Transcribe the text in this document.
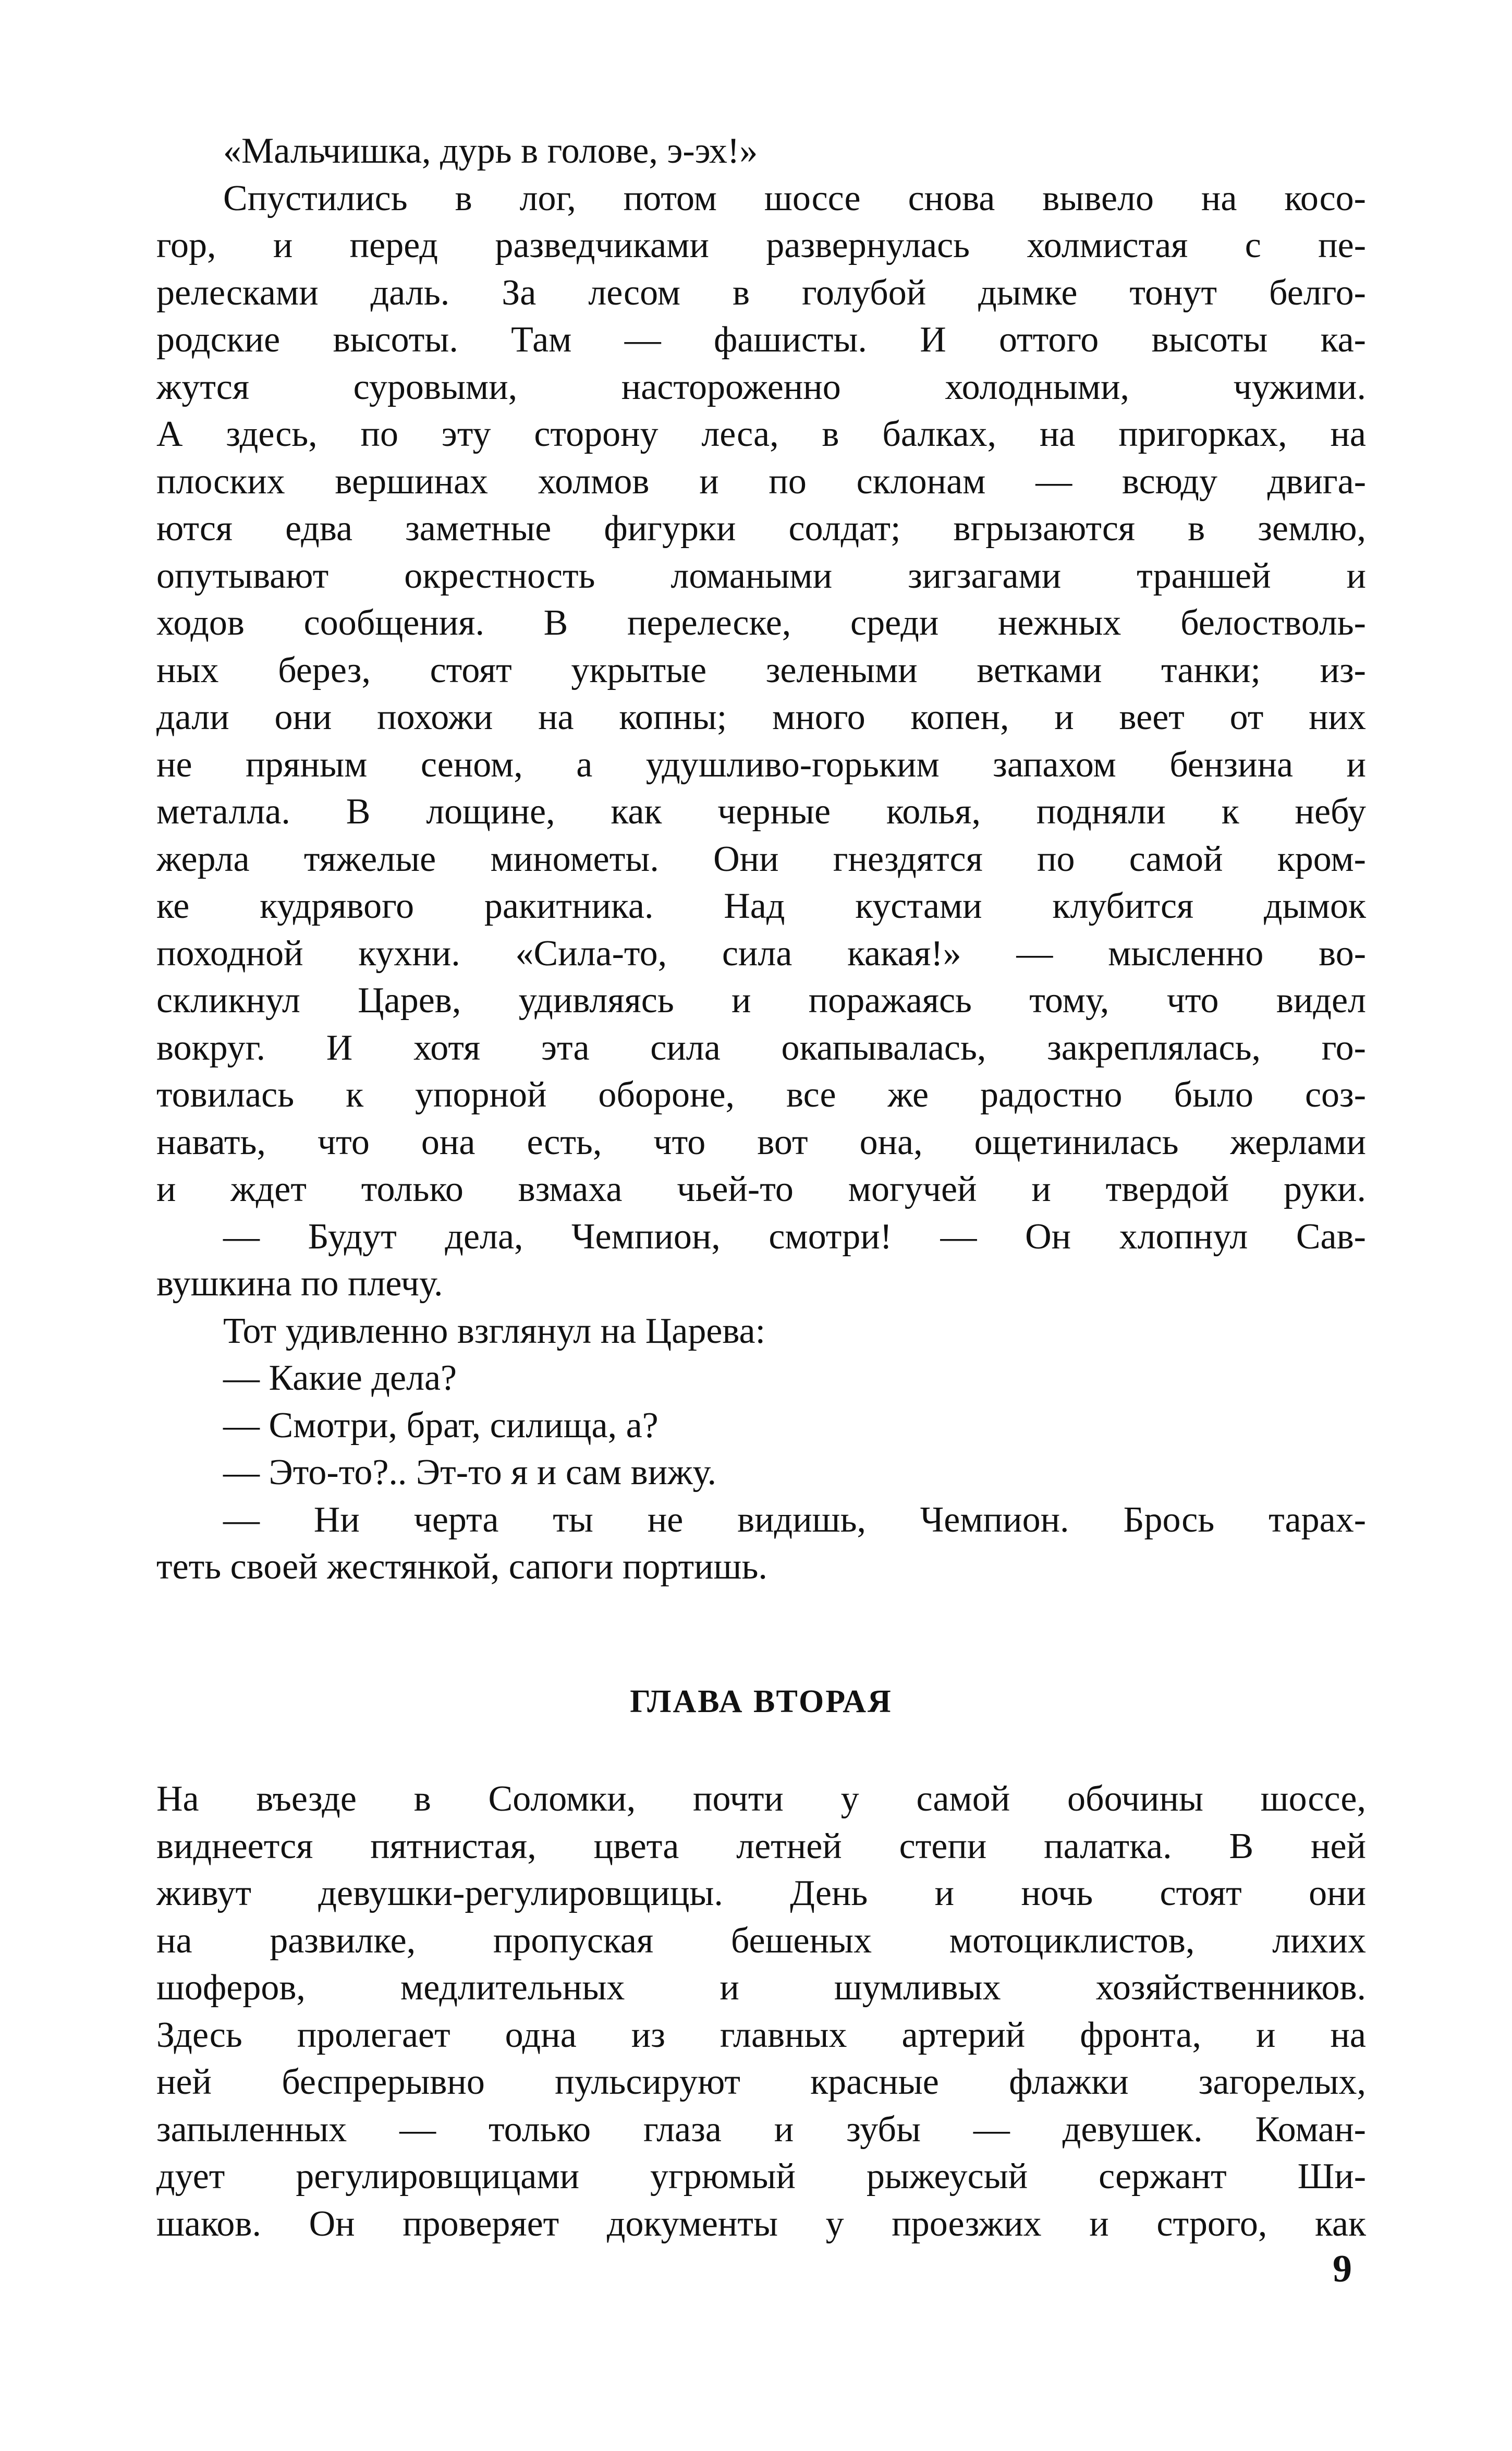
«Мальчишка, дурь в голове, э-эх!»
Спустились в лог, потом шоссе снова вывело на косо-
гор, и перед разведчиками развернулась холмистая с пе-
релесками даль. За лесом в голубой дымке тонут белго-
родские высоты. Там — фашисты. И оттого высоты ка-
жутся суровыми, настороженно холодными, чужими.
А здесь, по эту сторону леса, в балках, на пригорках, на
плоских вершинах холмов и по склонам — всюду двига-
ются едва заметные фигурки солдат; вгрызаются в землю,
опутывают окрестность ломаными зигзагами траншей и
ходов сообщения. В перелеске, среди нежных белостволь-
ных берез, стоят укрытые зелеными ветками танки; из-
дали они похожи на копны; много копен, и веет от них
не пряным сеном, а удушливо-горьким запахом бензина и
металла. В лощине, как черные колья, подняли к небу
жерла тяжелые минометы. Они гнездятся по самой кром-
ке кудрявого ракитника. Над кустами клубится дымок
походной кухни. «Сила-то, сила какая!» — мысленно во-
скликнул Царев, удивляясь и поражаясь тому, что видел
вокруг. И хотя эта сила окапывалась, закреплялась, го-
товилась к упорной обороне, все же радостно было соз-
навать, что она есть, что вот она, ощетинилась жерлами
и ждет только взмаха чьей-то могучей и твердой руки.
— Будут дела, Чемпион, смотри! — Он хлопнул Сав-
вушкина по плечу.
Тот удивленно взглянул на Царева:
— Какие дела?
— Смотри, брат, силища, а?
— Это-то?.. Эт-то я и сам вижу.
— Ни черта ты не видишь, Чемпион. Брось тарах-
теть своей жестянкой, сапоги портишь.
ГЛАВА ВТОРАЯ
На въезде в Соломки, почти у самой обочины шоссе,
виднеется пятнистая, цвета летней степи палатка. В ней
живут девушки-регулировщицы. День и ночь стоят они
на развилке, пропуская бешеных мотоциклистов, лихих
шоферов, медлительных и шумливых хозяйственников.
Здесь пролегает одна из главных артерий фронта, и на
ней беспрерывно пульсируют красные флажки загорелых,
запыленных — только глаза и зубы — девушек. Коман-
дует регулировщицами угрюмый рыжеусый сержант Ши-
шаков. Он проверяет документы у проезжих и строго, как
9
